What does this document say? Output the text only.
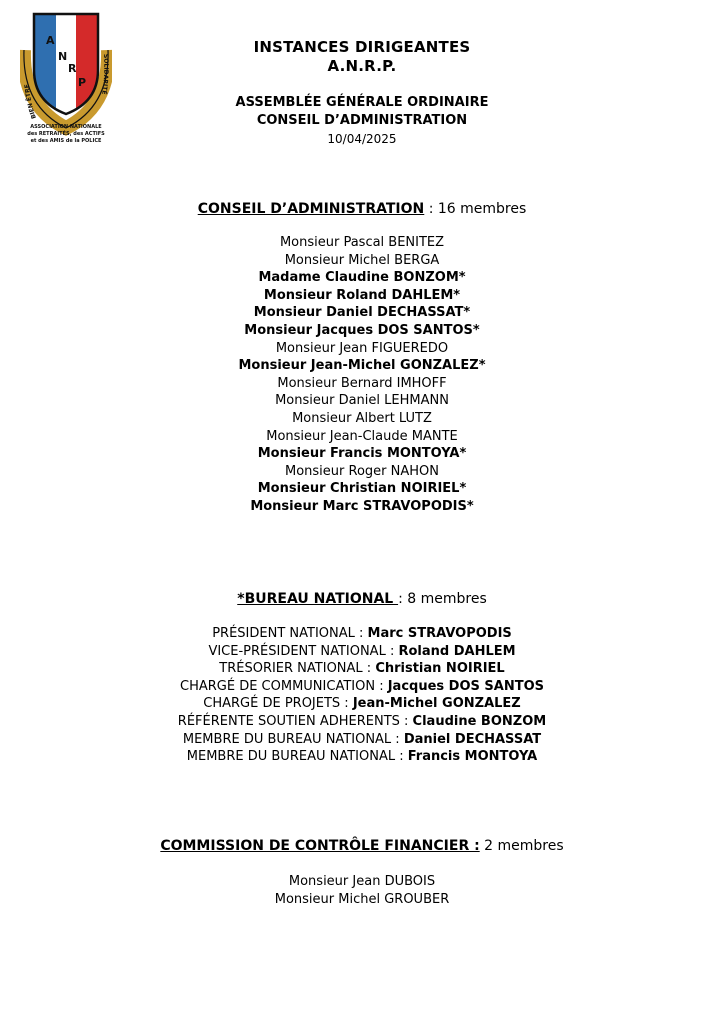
A
N
R
P
BIEN ÊTRE
SOLIDARITÉ
ASSOCIATION NATIONALE
des RETRAITÉS, des ACTIFS
et des AMIS de la POLICE
INSTANCES DIRIGEANTES
A.N.R.P.
ASSEMBLÉE GÉNÉRALE ORDINAIRE
CONSEIL D’ADMINISTRATION
10/04/2025
CONSEIL D’ADMINISTRATION : 16 membres
Monsieur Pascal BENITEZ
Monsieur Michel BERGA
Madame Claudine BONZOM*
Monsieur Roland DAHLEM*
Monsieur Daniel DECHASSAT*
Monsieur Jacques DOS SANTOS*
Monsieur Jean FIGUEREDO
Monsieur Jean-Michel GONZALEZ*
Monsieur Bernard IMHOFF
Monsieur Daniel LEHMANN
Monsieur Albert LUTZ
Monsieur Jean-Claude MANTE
Monsieur Francis MONTOYA*
Monsieur Roger NAHON
Monsieur Christian NOIRIEL*
Monsieur Marc STRAVOPODIS*
*BUREAU NATIONAL : 8 membres
PRÉSIDENT NATIONAL : Marc STRAVOPODIS
VICE-PRÉSIDENT NATIONAL : Roland DAHLEM
TRÉSORIER NATIONAL : Christian NOIRIEL
CHARGÉ DE COMMUNICATION : Jacques DOS SANTOS
CHARGÉ DE PROJETS : Jean-Michel GONZALEZ
RÉFÉRENTE SOUTIEN ADHERENTS : Claudine BONZOM
MEMBRE DU BUREAU NATIONAL : Daniel DECHASSAT
MEMBRE DU BUREAU NATIONAL : Francis MONTOYA
COMMISSION DE CONTRÔLE FINANCIER : 2 membres
Monsieur Jean DUBOIS
Monsieur Michel GROUBER
